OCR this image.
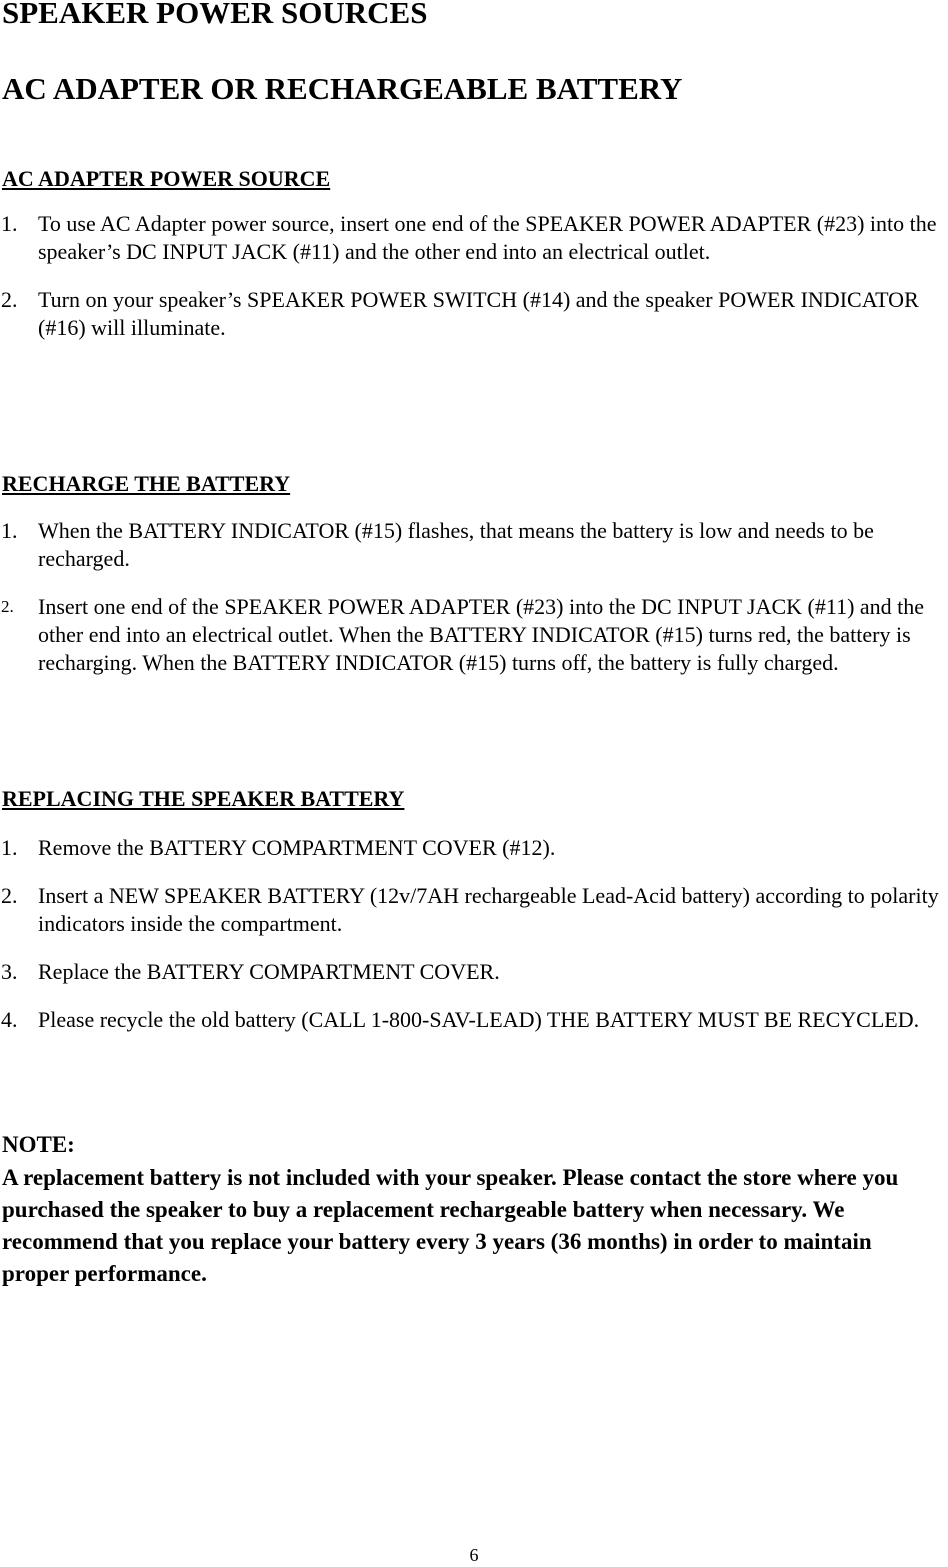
SPEAKER POWER SOURCES
AC ADAPTER OR RECHARGEABLE BATTERY
AC ADAPTER POWER SOURCE
1. To use AC Adapter power source, insert one end of the SPEAKER POWER ADAPTER (#23) into the speaker’s DC INPUT JACK (#11) and the other end into an electrical outlet.
2. Turn on your speaker’s SPEAKER POWER SWITCH (#14) and the speaker POWER INDICATOR (#16) will illuminate.
RECHARGE THE BATTERY
1. When the BATTERY INDICATOR (#15) flashes, that means the battery is low and needs to be recharged.
2. Insert one end of the SPEAKER POWER ADAPTER (#23) into the DC INPUT JACK (#11) and the other end into an electrical outlet. When the BATTERY INDICATOR (#15) turns red, the battery is recharging. When the BATTERY INDICATOR (#15) turns off, the battery is fully charged.
REPLACING THE SPEAKER BATTERY
1. Remove the BATTERY COMPARTMENT COVER (#12).
2. Insert a NEW SPEAKER BATTERY (12v/7AH rechargeable Lead-Acid battery) according to polarity indicators inside the compartment.
3. Replace the BATTERY COMPARTMENT COVER.
4. Please recycle the old battery (CALL 1-800-SAV-LEAD) THE BATTERY MUST BE RECYCLED.

NOTE:

A replacement battery is not included with your speaker. Please contact the store where you purchased the speaker to buy a replacement rechargeable battery when necessary. We recommend that you replace your battery every 3 years (36 months) in order to maintain proper performance.

6
